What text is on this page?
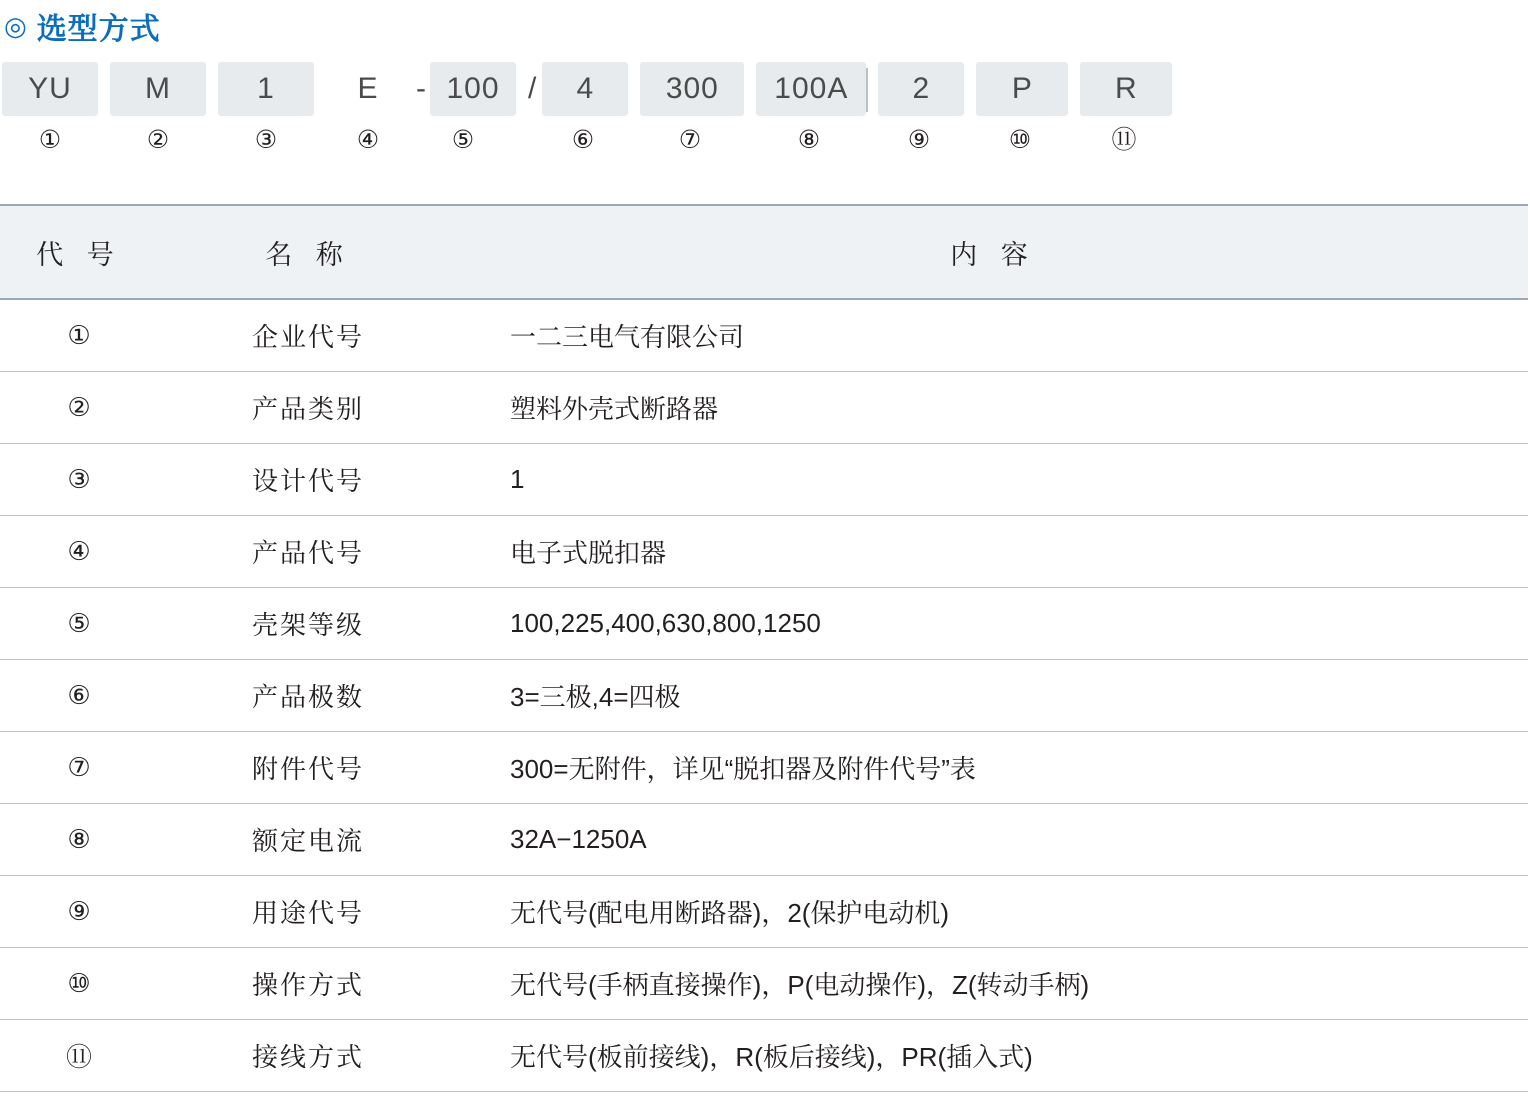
◎ 选型方式
YU	M	1	E	- 100 /	4	300	100A	2	P	R
①	②	③	④	⑤	⑥	⑦	⑧	⑨	⑩	⑪
代 号	名 称	内 容
①	企业代号	一二三电气有限公司
②	产品类别	塑料外壳式断路器
③	设计代号	1
④	产品代号	电子式脱扣器
⑤	壳架等级	100,225,400,630,800,1250
⑥	产品极数	3=三极,4=四极
⑦	附件代号	300=无附件，详见“脱扣器及附件代号”表
⑧	额定电流	32A−1250A
⑨	用途代号	无代号(配电用断路器)，2(保护电动机)
⑩	操作方式	无代号(手柄直接操作)，P(电动操作)，Z(转动手柄)
⑪	接线方式	无代号(板前接线)，R(板后接线)，PR(插入式)
